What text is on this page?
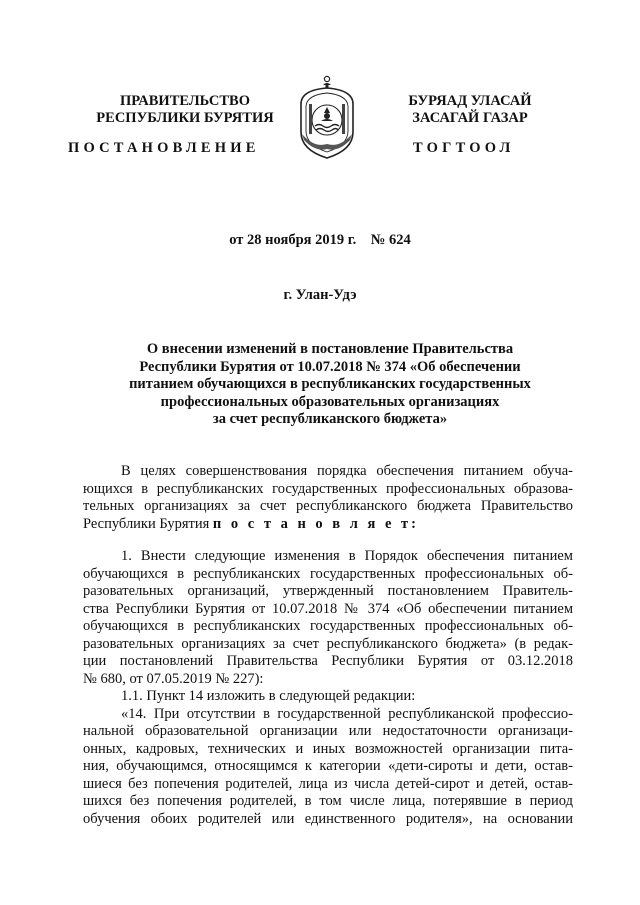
ПРАВИТЕЛЬСТВО
РЕСПУБЛИКИ БУРЯТИЯ
БУРЯАД УЛАСАЙ
ЗАСАГАЙ ГАЗАР
ПОСТАНОВЛЕНИЕ	ТОГТООЛ
от 28 ноября 2019 г.    № 624
г. Улан-Удэ
О внесении изменений в постановление Правительства
Республики Бурятия от 10.07.2018 № 374 «Об обеспечении
питанием обучающихся в республиканских государственных
профессиональных образовательных организациях
за счет республиканского бюджета»
В целях совершенствования порядка обеспечения питанием обуча-
ющихся в республиканских государственных профессиональных образова-
тельных организациях за счет республиканского бюджета Правительство
Республики Бурятия п о с т а н о в л я е т:
1. Внести следующие изменения в Порядок обеспечения питанием
обучающихся в республиканских государственных профессиональных об-
разовательных организаций, утвержденный постановлением Правитель-
ства Республики Бурятия от 10.07.2018 № 374 «Об обеспечении питанием
обучающихся в республиканских государственных профессиональных об-
разовательных организациях за счет республиканского бюджета» (в редак-
ции постановлений Правительства Республики Бурятия от 03.12.2018
№ 680, от 07.05.2019 № 227):
1.1. Пункт 14 изложить в следующей редакции:
«14. При отсутствии в государственной республиканской профессио-
нальной образовательной организации или недостаточности организаци-
онных, кадровых, технических и иных возможностей организации пита-
ния, обучающимся, относящимся к категории «дети-сироты и дети, остав-
шиеся без попечения родителей, лица из числа детей-сирот и детей, остав-
шихся без попечения родителей, в том числе лица, потерявшие в период
обучения обоих родителей или единственного родителя», на основании
